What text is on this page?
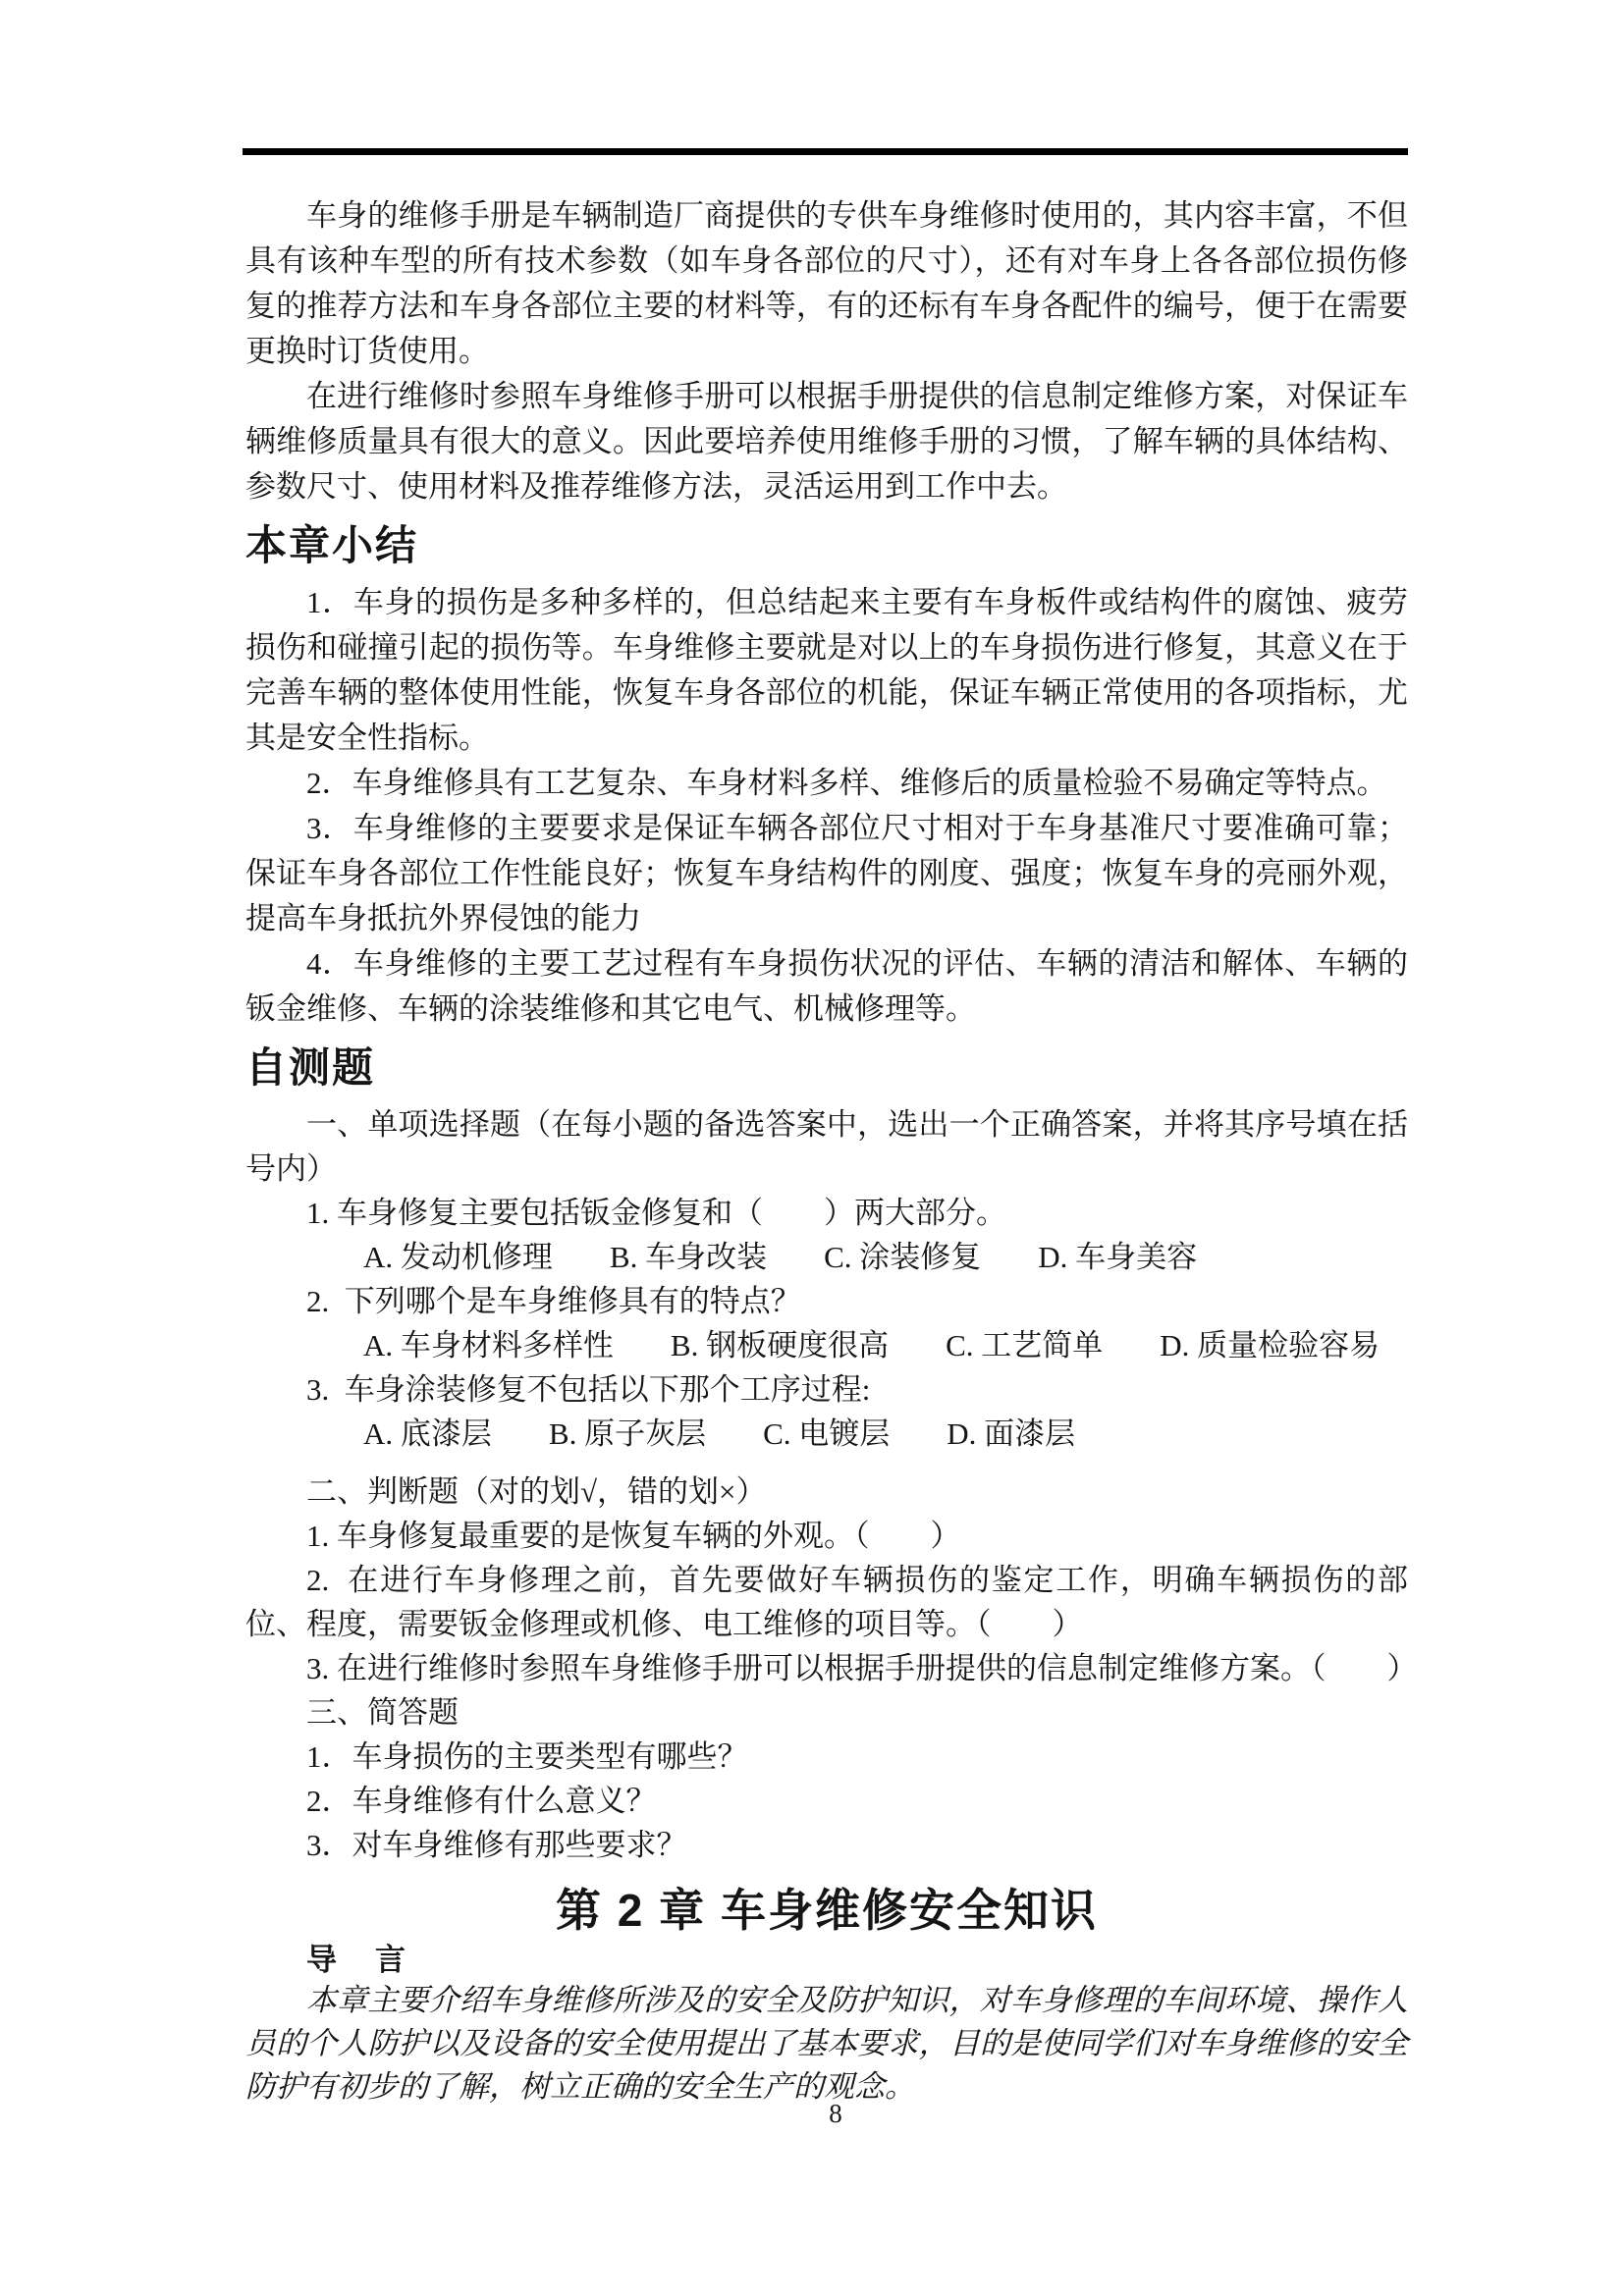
车身的维修手册是车辆制造厂商提供的专供车身维修时使用的，其内容丰富，不但具有该种车型的所有技术参数（如车身各部位的尺寸），还有对车身上各各部位损伤修复的推荐方法和车身各部位主要的材料等，有的还标有车身各配件的编号，便于在需要更换时订货使用。

在进行维修时参照车身维修手册可以根据手册提供的信息制定维修方案，对保证车辆维修质量具有很大的意义。因此要培养使用维修手册的习惯，了解车辆的具体结构、参数尺寸、使用材料及推荐维修方法，灵活运用到工作中去。

本章小结

1．车身的损伤是多种多样的，但总结起来主要有车身板件或结构件的腐蚀、疲劳损伤和碰撞引起的损伤等。车身维修主要就是对以上的车身损伤进行修复，其意义在于完善车辆的整体使用性能，恢复车身各部位的机能，保证车辆正常使用的各项指标，尤其是安全性指标。

2．车身维修具有工艺复杂、车身材料多样、维修后的质量检验不易确定等特点。

3．车身维修的主要要求是保证车辆各部位尺寸相对于车身基准尺寸要准确可靠；保证车身各部位工作性能良好；恢复车身结构件的刚度、强度；恢复车身的亮丽外观，提高车身抵抗外界侵蚀的能力

4．车身维修的主要工艺过程有车身损伤状况的评估、车辆的清洁和解体、车辆的钣金维修、车辆的涂装维修和其它电气、机械修理等。

自测题

一、单项选择题（在每小题的备选答案中，选出一个正确答案，并将其序号填在括号内）

1. 车身修复主要包括钣金修复和（　　）两大部分。

A. 发动机修理 B. 车身改装 C. 涂装修复 D. 车身美容

2.  下列哪个是车身维修具有的特点？

A. 车身材料多样性 B. 钢板硬度很高 C. 工艺简单 D. 质量检验容易

3.  车身涂装修复不包括以下那个工序过程:

A. 底漆层 B. 原子灰层 C. 电镀层 D. 面漆层

二、判断题（对的划√，错的划×）

1. 车身修复最重要的是恢复车辆的外观。（　　）

2.  在进行车身修理之前，首先要做好车辆损伤的鉴定工作，明确车辆损伤的部位、程度，需要钣金修理或机修、电工维修的项目等。（　　）

3. 在进行维修时参照车身维修手册可以根据手册提供的信息制定维修方案。（　　）

三、简答题

1．车身损伤的主要类型有哪些？

2．车身维修有什么意义？

3．对车身维修有那些要求？

第 2 章 车身维修安全知识
导　言

本章主要介绍车身维修所涉及的安全及防护知识，对车身修理的车间环境、操作人员的个人防护以及设备的安全使用提出了基本要求，目的是使同学们对车身维修的安全防护有初步的了解，树立正确的安全生产的观念。

8
